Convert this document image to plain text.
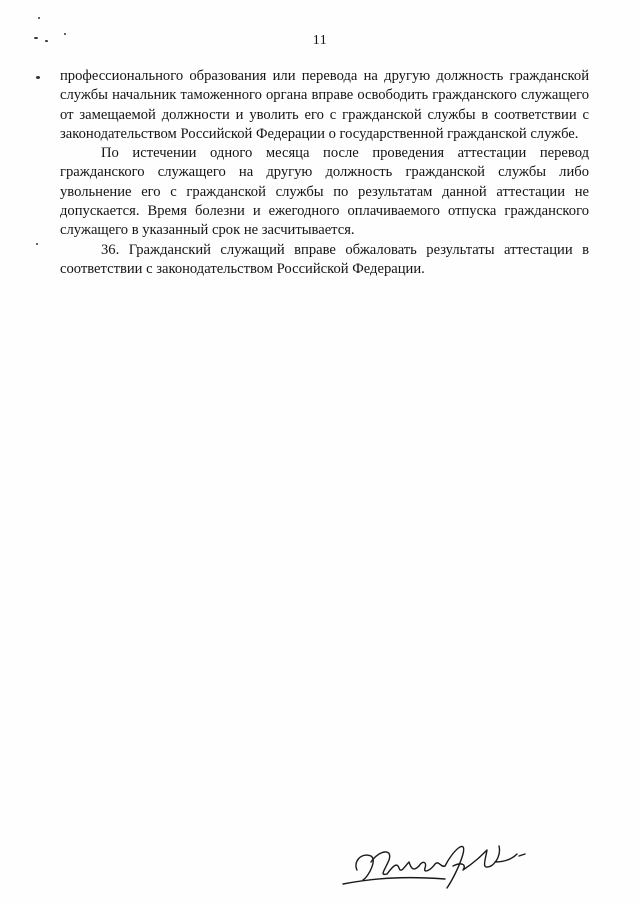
11

профессионального образования или перевода на другую должность гражданской службы начальник таможенного органа вправе освободить гражданского служащего от замещаемой должности и уволить его с гражданской службы в соответствии с законодательством Российской Федерации о государственной гражданской службе.

По истечении одного месяца после проведения аттестации перевод гражданского служащего на другую должность гражданской службы либо увольнение его с гражданской службы по результатам данной аттестации не допускается. Время болезни и ежегодного оплачиваемого отпуска гражданского служащего в указанный срок не засчитывается.

36. Гражданский служащий вправе обжаловать результаты аттестации в соответствии с законодательством Российской Федерации.
